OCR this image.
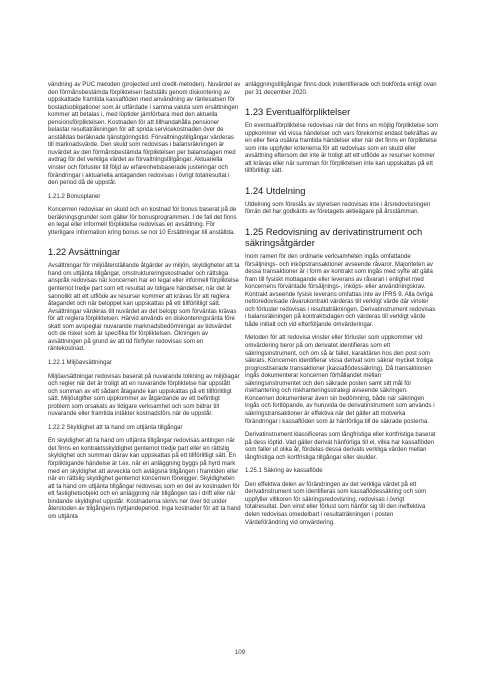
vändning av PUC metoden (projected unit credit-metoden). Nuvärdet av den förmånsbestämda förpliktelsen fastställs genom diskontering av uppskattade framtida kassaflöden med användning av räntesatsen för bostadsobligationer som är utfärdade i samma valuta som ersättningen kommer att betalas i, med löptider jämförbara med den aktuella pensionsförpliktelsen. Kostnaden för att tillhandahålla pensioner belastar resultaträkningen för att sprida servicekostnaden över de anställdas beräknade tjänstgöringstid. Förvaltningstillgångar värderas till marknadsvärde. Den skuld som redovisas i balansräkningen är nuvärdet av den förmånsbestämda förpliktelsen per balansdagen med avdrag för det verkliga värdet av förvaltningstillgångar. Aktuariella vinster och förluster till följd av erfarenhetsbaserade justeringar och förändringar i aktuariella antaganden redovisas i övrigt totalresultat i den period då de uppstår.

1.21.2 Bonusplaner

Koncernen redovisar en skuld och en kostnad för bonus baserat på de beräkningsgrunder som gäller för bonusprogrammen. I de fall det finns en legal eller informell förpliktelse redovisas en avsättning. För ytterligare information kring bonus se not 10 Ersättningar till anställda.

1.22 Avsättningar

Avsättningar för miljöåterställande åtgärder av miljön, skyldigheter att ta hand om uttjänta tillgångar, omstruktureringskostnader och rättsliga anspråk redovisas när koncernen har en legal eller informell förpliktelse gentemot tredje part som ett resultat av tidigare händelser, när det är sannolikt att ett utflöde av resurser kommer att krävas för att reglera åtagandet och när beloppet kan uppskattas på ett tillförlitligt sätt. Avsättningar värderas till nuvärdet av det belopp som förväntas krävas för att reglera förpliktelsen. Härvid används en diskonteringsränta före skatt som avspeglar nuvarande marknadsbedömningar av tidsvärdet och de risker som är specifika för förpliktelsen. Ökningen av avsättningen på grund av att tid förflyter redovisas som en räntekostnad.

1.22.1 Miljöavsättningar

Miljöavsättningar redovisas baserat på nuvarande tolkning av miljölagar och regler när det är troligt att en nuvarande förpliktelse har uppstått och summan av ett sådant åtagande kan uppskattas på ett tillförlitligt sätt. Miljöutgifter som uppkommer av åtgärdande av ett befintligt problem som orsakats av tidigare verksamhet och som bidrar till nuvarande eller framtida intäkter kostnadsförs när de uppstår.

1.22.2 Skyldighet att ta hand om uttjänta tillgångar

En skyldighet att ta hand om uttjänta tillgångar redovisas antingen när det finns en kontraktsskyldighet gentemot tredje part eller en rättslig skyldighet och summan därav kan uppskattas på ett tillförlitligt sätt. En förpliktigande händelse är t.ex. när en anläggning byggs på hyrd mark med en skyldighet att avveckla och avlägsna tillgången i framtiden eller när en rättslig skyldighet gentemot koncernen föreligger. Skyldigheten att ta hand om uttjänta tillgångar redovisas som en del av kostnaden för ett fastighetsobjekt och en anläggning när tillgången tas i drift eller när bindande skyldighet uppstår. Kostnaderna skrivs ner över tid under återstoden av tillgångens nyttjandeperiod. Inga kostnader för att ta hand om uttjänta

anläggningstillgångar finns dock indentifierade och bokförda enligt ovan per 31 december 2020.

1.23 Eventualförpliktelser

En eventualförpliktelse redovisas när det finns en möjlig förpliktelse som uppkommer vid vissa händelser och vars förekomst endast bekräftas av en eller flera osäkra framtida händelser eller när det finns en förpliktelse som inte uppfyller kriterierna för att redovisas som en skuld eller avsättning eftersom det inte är troligt att ett utflöde av resurser kommer att krävas eller när summan för förpliktelsen inte kan uppskattas på ett tillförlitligt sätt.

1.24 Utdelning

Utdelning som föreslås av styrelsen redovisas inte i årsredovisningen förrän det har godkänts av företagets aktieägare på årsstämman.

1.25 Redovisning av derivatinstrument och säkringsåtgärder

Inom ramen för den ordinarie verksamheten ingås omfattande försäljnings- och inköpstransaktioner avseende råvaror. Majoriteten av dessa transaktioner är i form av kontrakt som ingås med syfte att gälla fram till fysiskt mottagande eller leverans av råvaran i enlighet med koncernens förväntade försäljnings-, inköps- eller användningskrav. Kontrakt avseende fysisk leverans omfattas inte av IFRS 9. Alla övriga nettoredovisade råvarukontrakt värderas till verkligt värde där vinster och förluster redovisas i resultaträkningen. Derivatinstrument redovisas i balansräkningen på kontraktsdagen och värderas till verkligt värde både initialt och vid efterföljande omvärderingar.

Metoden för att redovisa vinster eller förluster som uppkommer vid omvärdering beror på om derivatet identifieras som ett säkringsinstrument, och om så är fallet, karaktären hos den post som säkrats. Koncernen identifierar vissa derivat som säkrar mycket troliga prognostiserade transaktioner (kassaflödessäkring). Då transaktionen ingås dokumenterar koncernen förhållandet mellan säkringsinstrumentet och den säkrade posten samt sitt mål för riskhantering och riskhanteringsstrategi avseende säkringen. Koncernen dokumenterar även sin bedömning, både när säkringen ingås och fortlöpande, av huruvida de derivatinstrument som används i säkringstransaktioner är effektiva när det gäller att motverka förändringar i kassaflöden som är hänförliga till de säkrade posterna.

Derivatinstrument klassificeras som långfristiga eller kortfristiga baserat på dess löptid. Vad gäller derivat hänförliga till el, vilka har kassaflöden som faller ut olika år, fördelas dessa derivats verkliga värden mellan långfristiga och kortfristiga tillgångar eller skulder.

1.25.1 Säkring av kassaflöde

Den effektiva delen av förändringen av det verkliga värdet på ett derivatinstrument som identifieras som kassaflödessäkring och som uppfyller villkoren för säkringsredovisning, redovisas i övrigt totalresultat. Den vinst eller förlust som hänför sig till den ineffektiva delen redovisas omedelbart i resultaträkningen i posten Värdeförändring vid omvärdering.

109
